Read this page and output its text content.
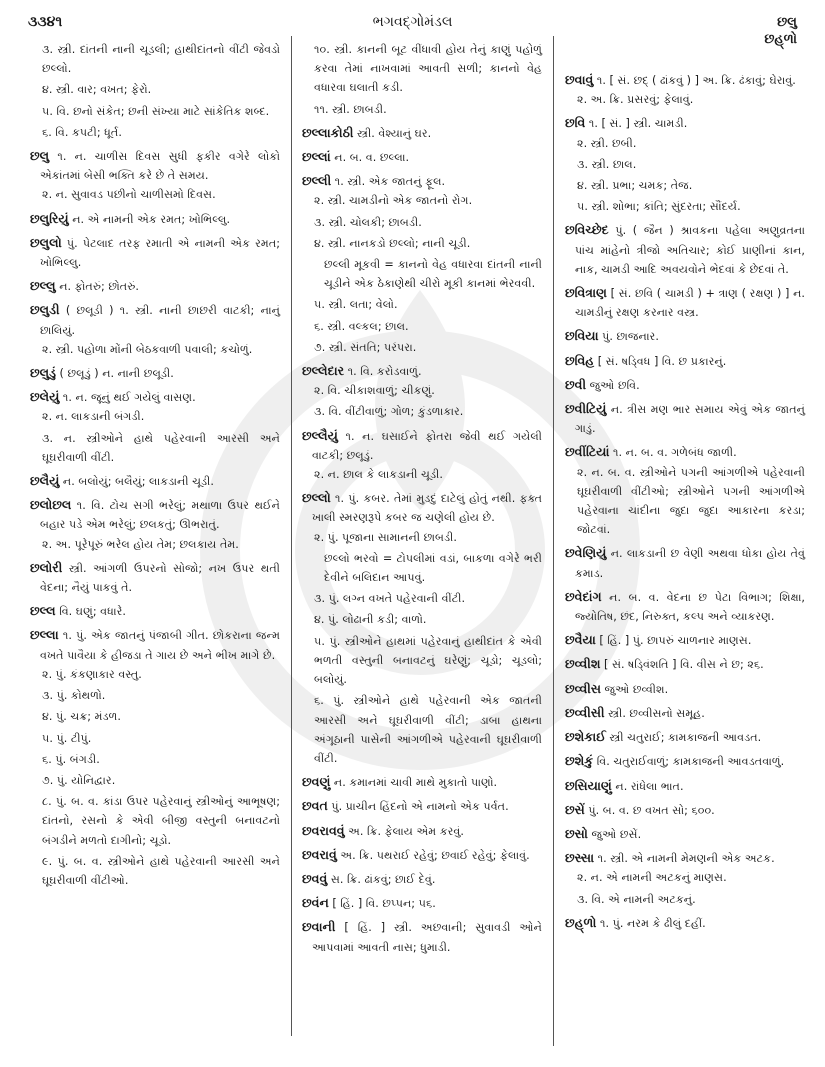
૩૩૪૧	ભગવદ્ગોમંડલ	છલુ
છહ્‌ળો
૩. સ્ત્રી. દાંતની નાની ચૂડલી; હાથીદાંતનો વીંટી જેવડો છલ્લો.
૪. સ્ત્રી. વાર; વખત; ફેરો.
૫. વિ. છનો સંકેત; છની સંખ્યા માટે સાંકેતિક શબ્દ.
૬. વિ. કપટી; ધૂર્ત.
છલુ ૧. ન. ચાળીસ દિવસ સુધી ફકીર વગેરે લોકો એકાંતમાં બેસી ભક્તિ કરે છે તે સમય.
૨. ન. સુવાવડ પછીનો ચાળીસમો દિવસ.
છલુરિયું ન. એ નામની એક રમત; ખોભિલ્લુ.
છલુલો પું. પેટલાદ તરફ રમાતી એ નામની એક રમત; ખોભિલ્લુ.
છલ્લુ ન. ફોતરું; છોતરું.
છલુડી ( છલૂડી ) ૧. સ્ત્રી. નાની છાછરી વાટકી; નાનું છાલિયું.
૨. સ્ત્રી. પહોળા મોંની બેઠકવાળી પવાલી; કચોળું.
છલુડું ( છલૂડું ) ન. નાની છલૂડી.
છલેયું ૧. ન. જૂનું થઈ ગયેલું વાસણ.
૨. ન. લાકડાની બંગડી.
૩. ન. સ્ત્રીઓને હાથે પહેરવાની આરસી અને ઘૂઘરીવાળી વીંટી.
છલૈયું ન. બલોયું; બલૈયું; લાકડાની ચૂડી.
છલોછલ ૧. વિ. ટોચ સગી ભરેલું; મથાળા ઉપર થઈને બહાર પડે એમ ભરેલું; છલકતું; ઊભરાતું.
૨. અ. પૂરેપૂરું ભરેલ હોય તેમ; છલકાય તેમ.
છલોરી સ્ત્રી. આંગળી ઉપરનો સોજો; નખ ઉપર થતી વેદના; નૈયું પાકવું તે.
છલ્લ વિ. ઘણું; વધારે.
છલ્લા ૧. પું. એક જાતનું પંજાબી ગીત. છોકરાના જન્મ વખતે પાવૈયા કે હીજડા તે ગાય છે અને ભીખ માગે છે.
૨. પું. કંકણાકાર વસ્તુ.
૩. પું. કોથળો.
૪. પું. ચક્ર; મંડળ.
૫. પું. ટીપું.
૬. પું. બંગડી.
૭. પું. યોનિદ્વાર.
૮. પું. બ. વ. કાંડા ઉપર પહેરવાનું સ્ત્રીઓનું આભૂષણ; દાંતનો, રસનો કે એવી બીજી વસ્તુની બનાવટનો બંગડીને મળતો દાગીનો; ચૂડો.
૯. પું. બ. વ. સ્ત્રીઓને હાથે પહેરવાની આરસી અને ઘૂઘરીવાળી વીંટીઓ.
૧૦. સ્ત્રી. કાનની બૂટ વીંધાવી હોય તેનું કાણું પહોળું કરવા તેમાં નાખવામાં આવતી સળી; કાનનો વેહ વધારવા ઘલાતી કડી.
૧૧. સ્ત્રી. છાબડી.
છલ્લાકોઠી સ્ત્રી. વેશ્યાનું ઘર.
છલ્લાં ન. બ. વ. છલ્લા.
છલ્લી ૧. સ્ત્રી. એક જાતનું ફૂલ.
૨. સ્ત્રી. ચામડીનો એક જાતનો રોગ.
૩. સ્ત્રી. ચોલકી; છાબડી.
૪. સ્ત્રી. નાનકડો છલ્લો; નાની ચૂડી.
છલ્લી મૂકવી = કાનનો વેહ વધારવા દાંતની નાની ચૂડીને એક ઠેકાણેથી ચીરો મૂકી કાનમાં ભેરવવી.
૫. સ્ત્રી. લતા; વેલો.
૬. સ્ત્રી. વલ્કલ; છાલ.
૭. સ્ત્રી. સંતતિ; પરંપરા.
છલ્લેદાર ૧. વિ. કરોડવાળું.
૨. વિ. ચીકાશવાળું; ચીકણું.
૩. વિ. વીંટીવાળું; ગોળ; કુંડળાકાર.
છલ્લૈયું ૧. ન. ઘસાઈને ફોતરા જેવી થઈ ગયેલી વાટકી; છલૂડું.
૨. ન. છાલ કે લાકડાની ચૂડી.
છલ્લો ૧. પું. કબર. તેમાં મુડદું દાટેલું હોતું નથી. ફક્ત ખાલી સ્મરણરૂપે કબર જ ચણેલી હોય છે.
૨. પું. પૂજાના સામાનની છાબડી.
છલ્લો ભરવો = ટોપલીમાં વડાં, બાકળા વગેરે ભરી દેવીને બલિદાન આપવું.
૩. પું. લગ્ન વખતે પહેરવાની વીંટી.
૪. પું. લોઢાની કડી; વાળો.
૫. પું. સ્ત્રીઓને હાથમાં પહેરવાનું હાથીદાંત કે એવી ભળતી વસ્તુની બનાવટનું ઘરેણું; ચૂડો; ચૂડલો; બલોયું.
૬. પું. સ્ત્રીઓને હાથે પહેરવાની એક જાતની આરસી અને ઘૂઘરીવાળી વીંટી; ડાબા હાથના અંગૂઠાની પાસેની આંગળીએ પહેરવાની ઘૂઘરીવાળી વીંટી.
છવણું ન. કમાનમાં ચાવી માથે મુકાતો પાણો.
છવત પું. પ્રાચીન હિંદનો એ નામનો એક પર્વત.
છવરાવવું અ. ક્રિ. ફેલાય એમ કરવું.
છવરાવું અ. ક્રિ. પથરાઈ રહેવું; છવાઈ રહેવું; ફેલાવું.
છવવું સ. ક્રિ. ઢાંકવું; છાઈ દેવું.
છવંન [ હિં. ] વિ. છપ્પન; ૫૬.
છવાની [ હિં. ] સ્ત્રી. અછવાની; સુવાવડી ઓને આપવામાં આવતી નાસ; ધુમાડી.
છવાવું ૧. [ સં. છદ્ ( ઢાંકવું ) ] અ. ક્રિ. ઢંકાવું; ઘેરાવું.
૨. અ. ક્રિ. પ્રસરવું; ફેલાવું.
છવિ ૧. [ સં. ] સ્ત્રી. ચામડી.
૨. સ્ત્રી. છબી.
૩. સ્ત્રી. છાલ.
૪. સ્ત્રી. પ્રભા; ચમક; તેજ.
૫. સ્ત્રી. શોભા; કાંતિ; સુંદરતા; સૌંદર્ય.
છવિચ્છેદ પું. ( જૈન ) શ્રાવકના પહેલા અણુવ્રતના પાંચ માંહેનો ત્રીજો અતિચાર; કોઈ પ્રાણીનાં કાન, નાક, ચામડી આદિ અવયવોને ભેદવાં કે છેદવાં તે.
છવિત્રાણ [ સં. છવિ ( ચામડી ) + ત્રાણ ( રક્ષણ ) ] ન. ચામડીનું રક્ષણ કરનાર વસ્ત્ર.
છવિયા પું. છાજનાર.
છવિહ [ સં. ષડ્વિધ ] વિ. છ પ્રકારનું.
છવી જુઓ છવિ.
છવીટિયું ન. ત્રીસ મણ ભાર સમાય એવું એક જાતનું ગાડું.
છવીંટિયાં ૧. ન. બ. વ. ગળેબંધ જાળી.
૨. ન. બ. વ. સ્ત્રીઓને પગની આંગળીએ પહેરવાની ઘૂઘરીવાળી વીંટીઓ; સ્ત્રીઓને પગની આંગળીએ પહેરવાના ચાંદીના જુદા જુદા આકારના કરડા; જોટવાં.
છવેણિયું ન. લાકડાની છ વેણી અથવા ધોકા હોય તેવું કમાડ.
છવેદાંગ ન. બ. વ. વેદના છ પેટા વિભાગ; શિક્ષા, જ્યોતિષ, છંદ, નિરુક્ત, કલ્પ અને વ્યાકરણ.
છવૈયા [ હિં. ] પું. છાપરું ચાળનાર માણસ.
છવ્વીશ [ સં. ષડ્વિંશતિ ] વિ. વીસ ને છ; ૨૬.
છવ્વીસ જુઓ છવ્વીશ.
છવ્વીસી સ્ત્રી. છવ્વીસનો સમૂહ.
છશેકાઈ સ્ત્રી ચતુરાઈ; કામકાજની આવડત.
છશેકું વિ. ચતુરાઈવાળું; કામકાજની આવડતવાળું.
છસિયાણું ન. રાંધેલા ભાત.
છસેં પું. બ. વ. છ વખત સો; ૬૦૦.
છસો જુઓ છસેં.
છસ્સા ૧. સ્ત્રી. એ નામની મેમણની એક અટક.
૨. ન. એ નામની અટકનું માણસ.
૩. વિ. એ નામની અટકનું.
છહ્‌ળો ૧. પું. નરમ કે ઢીલું દહીં.
